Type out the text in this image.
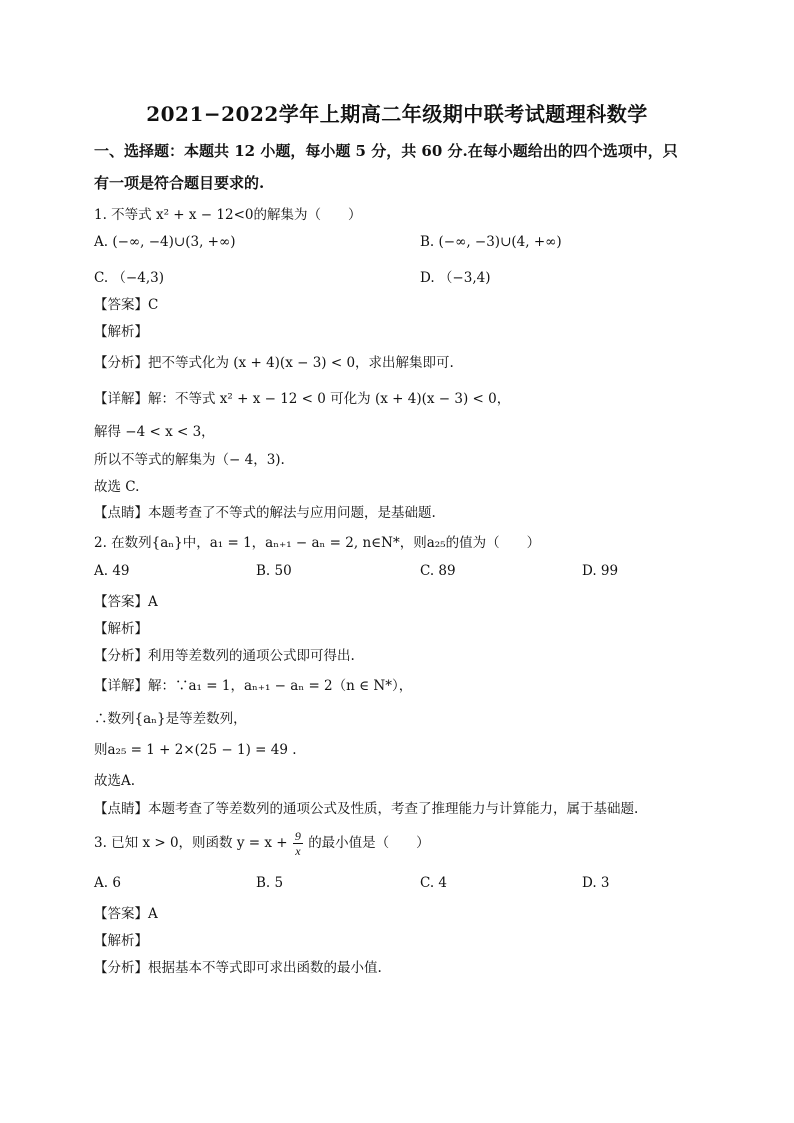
2021−2022学年上期高二年级期中联考试题理科数学
一、选择题：本题共 12 小题，每小题 5 分，共 60 分.在每小题给出的四个选项中，只
有一项是符合题目要求的.
1. 不等式 x² + x − 12<0的解集为（　　）
A. (−∞, −4)∪(3, +∞)	B. (−∞, −3)∪(4, +∞)
C. （−4,3)	D. （−3,4)
【答案】C
【解析】
【分析】把不等式化为 (x + 4)(x − 3) < 0，求出解集即可.
【详解】解：不等式 x² + x − 12 < 0 可化为 (x + 4)(x − 3) < 0，
解得 −4 < x < 3，
所以不等式的解集为（− 4，3).
故选 C.
【点睛】本题考查了不等式的解法与应用问题，是基础题.
2. 在数列{aₙ}中，a₁ = 1，aₙ₊₁ − aₙ = 2, n∈N*，则a₂₅的值为（　　）
A. 49	B. 50	C. 89	D. 99
【答案】A
【解析】
【分析】利用等差数列的通项公式即可得出.
【详解】解：∵a₁ = 1，aₙ₊₁ − aₙ = 2（n ∈ N*），
∴数列{aₙ}是等差数列，
则a₂₅ = 1 + 2×(25 − 1) = 49 .
故选A.
【点睛】本题考查了等差数列的通项公式及性质，考查了推理能力与计算能力，属于基础题.
3. 已知 x > 0，则函数 $y = x + \frac{9}{x}$ 的最小值是（　　）
A. 6	B. 5	C. 4	D. 3
【答案】A
【解析】
【分析】根据基本不等式即可求出函数的最小值.
